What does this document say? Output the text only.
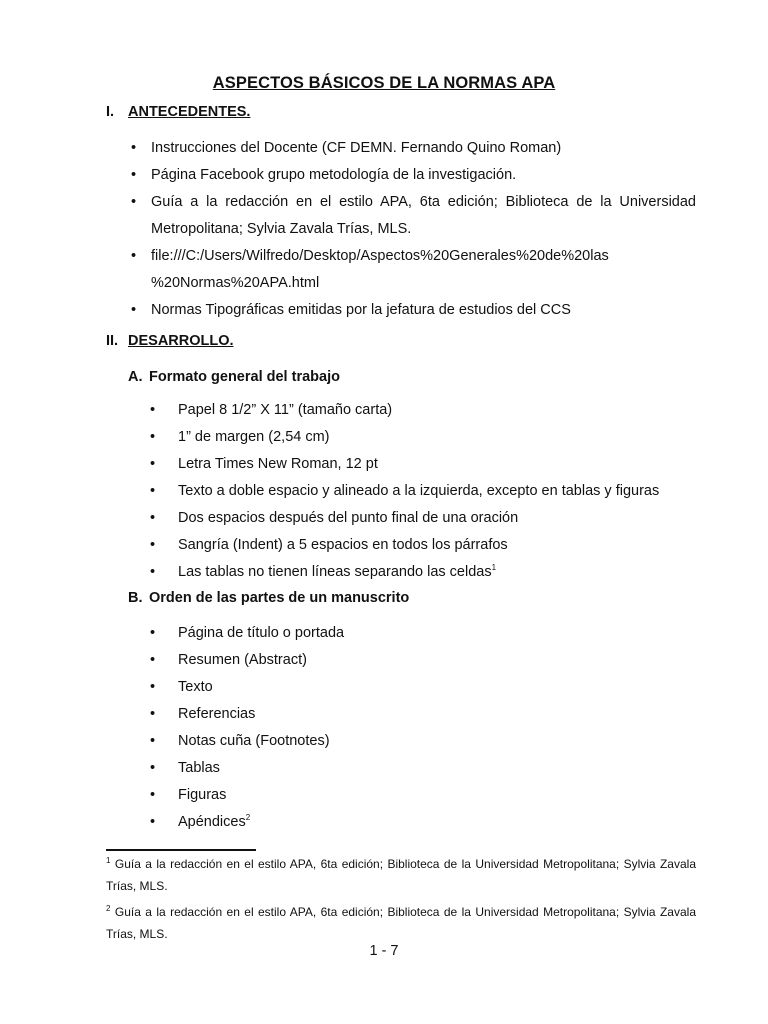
ASPECTOS BÁSICOS DE LA NORMAS APA
I. ANTECEDENTES.
• Instrucciones del Docente (CF DEMN. Fernando Quino Roman)
• Página Facebook grupo metodología de la investigación.
• Guía a la redacción en el estilo APA, 6ta edición; Biblioteca de la Universidad Metropolitana; Sylvia Zavala Trías, MLS.
• file:///C:/Users/Wilfredo/Desktop/Aspectos%20Generales%20de%20las %20Normas%20APA.html
• Normas Tipográficas emitidas por la jefatura de estudios del CCS
II. DESARROLLO.
A. Formato general del trabajo
• Papel 8 1/2” X 11” (tamaño carta)
• 1” de margen (2,54 cm)
• Letra Times New Roman, 12 pt
• Texto a doble espacio y alineado a la izquierda, excepto en tablas y figuras
• Dos espacios después del punto final de una oración
• Sangría (Indent) a 5 espacios en todos los párrafos
• Las tablas no tienen líneas separando las celdas$^1$
B. Orden de las partes de un manuscrito
• Página de título o portada
• Resumen (Abstract)
• Texto
• Referencias
• Notas cuña (Footnotes)
• Tablas
• Figuras
• Apéndices$^2$
$^1$ Guía a la redacción en el estilo APA, 6ta edición; Biblioteca de la Universidad Metropolitana; Sylvia Zavala Trías, MLS.
$^2$ Guía a la redacción en el estilo APA, 6ta edición; Biblioteca de la Universidad Metropolitana; Sylvia Zavala Trías, MLS.
1 - 7
